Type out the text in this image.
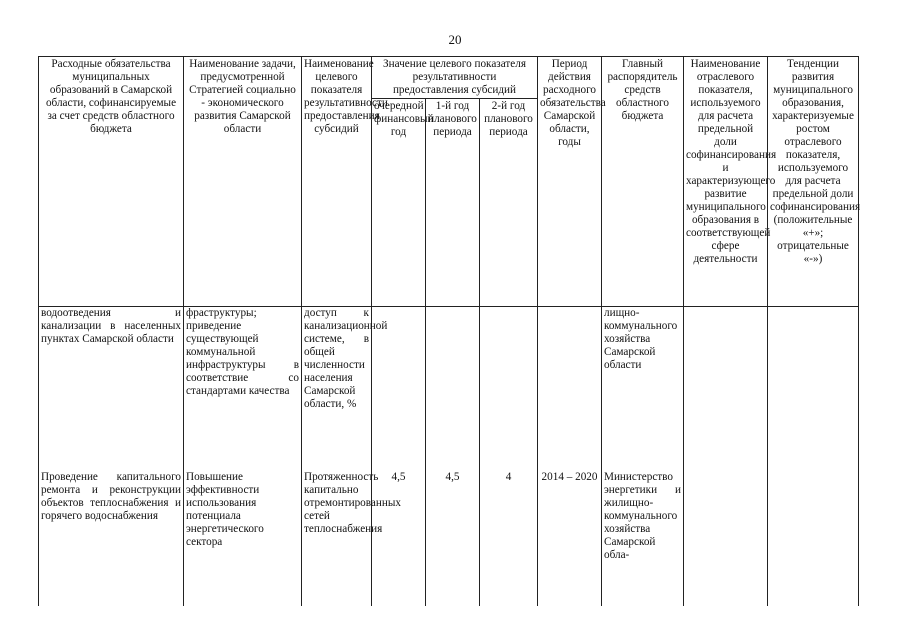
20
Расходные обязательства муниципальных образований в Самарской области, софинансируемые за счет средств областного бюджета	Наименование задачи, предусмотренной Стратегией социально - экономического развития Самарской области	Наименование целевого показателя результативности предоставления субсидий	Значение целевого показателя результативности предоставления субсидий			Период действия расходного обязательства Самарской области, годы	Главный распорядитель средств областного бюджета	Наименование отраслевого показателя, используемого для расчета предельной доли софинансирования и характеризующего развитие муниципального образования в соответствующей сфере деятельности	Тенденции развития муниципального образования, характеризуемые ростом отраслевого показателя, используемого для расчета предельной доли софинансирования (положительные «+»; отрицательные «-»)
			очередной финансовый год	1-й год планового периода	2-й год планового периода				
водоотведения и канализации в населенных пунктах Самарской области	фраструктуры; приведение существующей коммунальной инфраструктуры в соответствие со стандартами качества	доступ к канализационной системе, в общей численности населения Самарской области, %					лищно-коммунального хозяйства Самарской области		
Проведение капитального ремонта и реконструкции объектов теплоснабжения и горячего водоснабжения	Повышение эффективности использования потенциала энергетического сектора	Протяженность капитально отремонтированных сетей теплоснабжения	4,5	4,5	4	2014 – 2020	Министерство энергетики и жилищно-коммунального хозяйства Самарской обла-		
